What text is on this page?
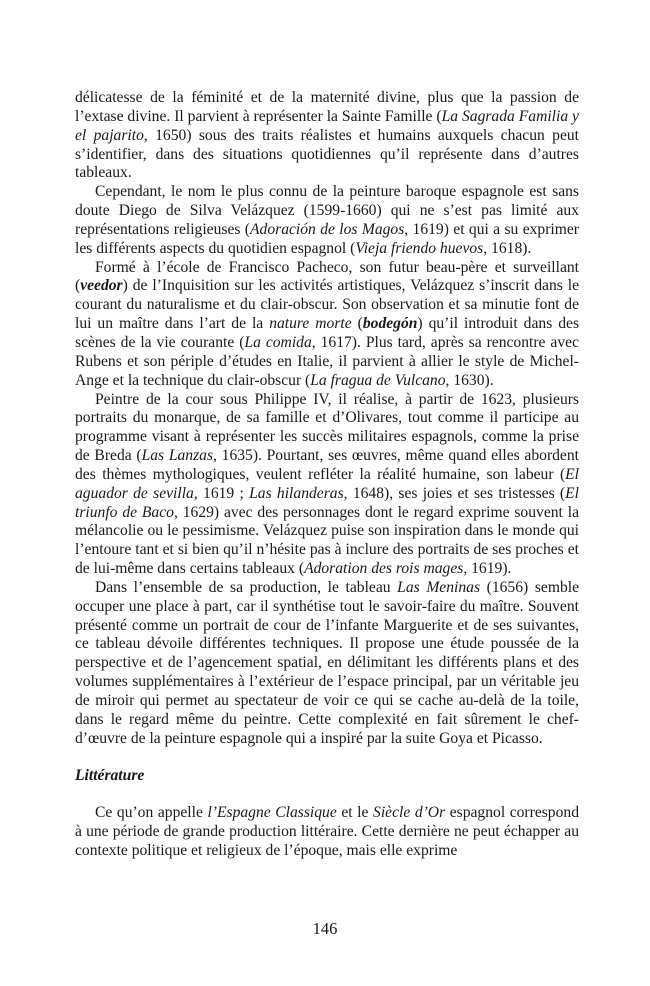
délicatesse de la féminité et de la maternité divine, plus que la passion de l’extase divine. Il parvient à représenter la Sainte Famille (La Sagrada Familia y el pajarito, 1650) sous des traits réalistes et humains auxquels chacun peut s’identifier, dans des situations quotidiennes qu’il représente dans d’autres tableaux.

Cependant, le nom le plus connu de la peinture baroque espagnole est sans doute Diego de Silva Velázquez (1599-1660) qui ne s’est pas limité aux représentations religieuses (Adoración de los Magos, 1619) et qui a su exprimer les différents aspects du quotidien espagnol (Vieja friendo huevos, 1618).

Formé à l’école de Francisco Pacheco, son futur beau-père et surveillant (veedor) de l’Inquisition sur les activités artistiques, Velázquez s’inscrit dans le courant du naturalisme et du clair-obscur. Son observation et sa minutie font de lui un maître dans l’art de la nature morte (bodegón) qu’il introduit dans des scènes de la vie courante (La comida, 1617). Plus tard, après sa rencontre avec Rubens et son périple d’études en Italie, il parvient à allier le style de Michel-Ange et la technique du clair-obscur (La fragua de Vulcano, 1630).

Peintre de la cour sous Philippe IV, il réalise, à partir de 1623, plusieurs portraits du monarque, de sa famille et d’Olivares, tout comme il participe au programme visant à représenter les succès militaires espagnols, comme la prise de Breda (Las Lanzas, 1635). Pourtant, ses œuvres, même quand elles abordent des thèmes mythologiques, veulent refléter la réalité humaine, son labeur (El aguador de sevilla, 1619 ; Las hilanderas, 1648), ses joies et ses tristesses (El triunfo de Baco, 1629) avec des personnages dont le regard exprime souvent la mélancolie ou le pessimisme. Velázquez puise son inspiration dans le monde qui l’entoure tant et si bien qu’il n’hésite pas à inclure des portraits de ses proches et de lui-même dans certains tableaux (Adoration des rois mages, 1619).

Dans l’ensemble de sa production, le tableau Las Meninas (1656) semble occuper une place à part, car il synthétise tout le savoir-faire du maître. Souvent présenté comme un portrait de cour de l’infante Marguerite et de ses suivantes, ce tableau dévoile différentes techniques. Il propose une étude poussée de la perspective et de l’agencement spatial, en délimitant les différents plans et des volumes supplémentaires à l’extérieur de l’espace principal, par un véritable jeu de miroir qui permet au spectateur de voir ce qui se cache au-delà de la toile, dans le regard même du peintre. Cette complexité en fait sûrement le chef-d’œuvre de la peinture espagnole qui a inspiré par la suite Goya et Picasso.

Littérature

Ce qu’on appelle l’Espagne Classique et le Siècle d’Or espagnol correspond à une période de grande production littéraire. Cette dernière ne peut échapper au contexte politique et religieux de l’époque, mais elle exprime

146
